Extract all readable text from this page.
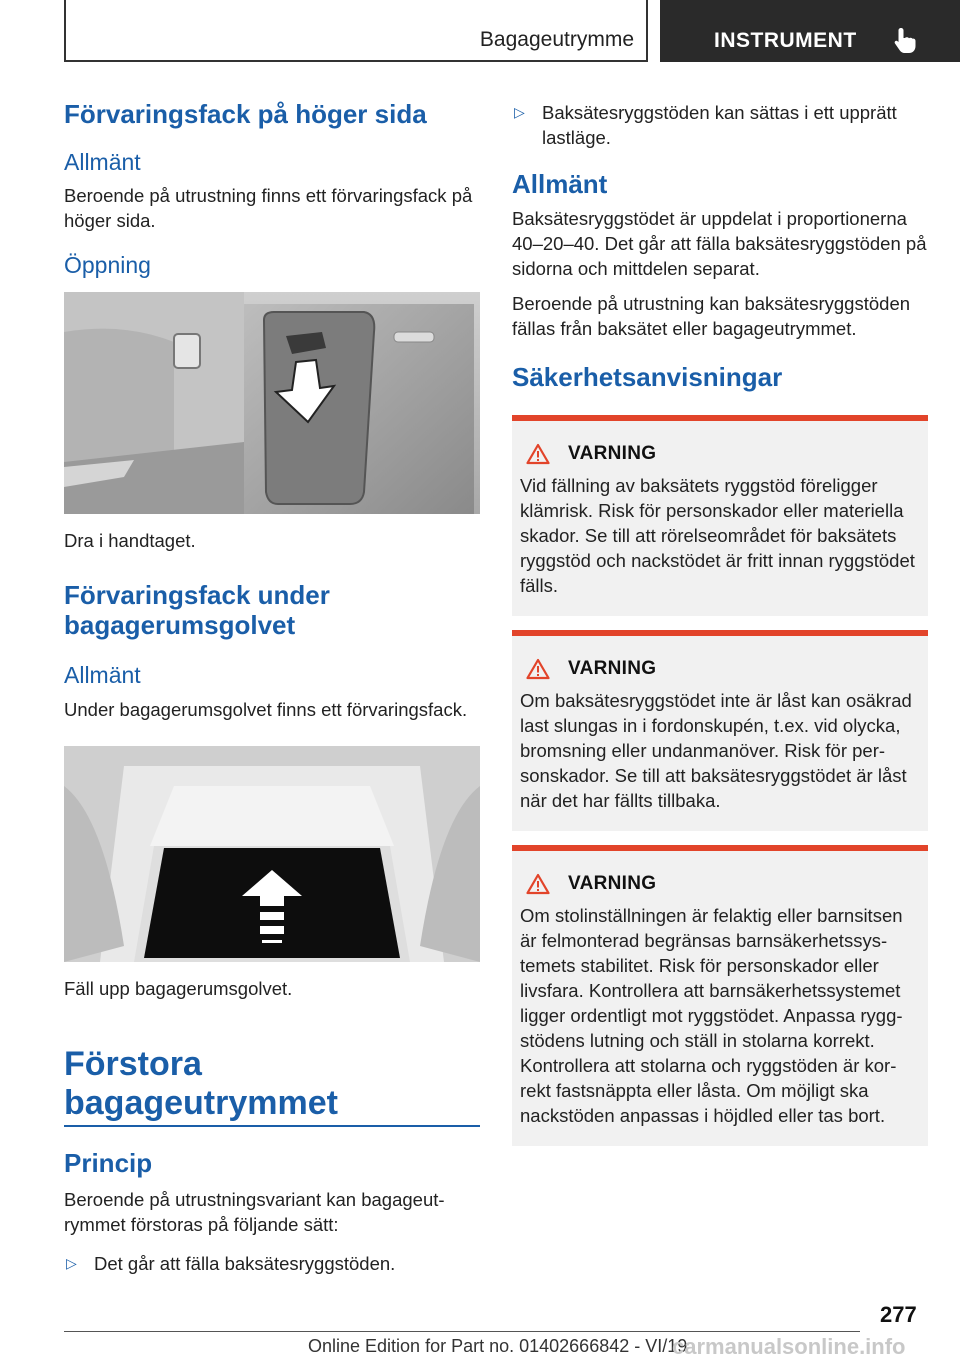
Bagageutrymme	INSTRUMENT
Förvaringsfack på höger sida
Allmänt

Beroende på utrustning finns ett förvaringsfack på höger sida.

Öppning

Dra i handtaget.

Förvaringsfack under bagagerumsgolvet
Allmänt

Under bagagerumsgolvet finns ett förvaringsfack.

Fäll upp bagagerumsgolvet.

Förstora bagageutrymmet
Princip

Beroende på utrustningsvariant kan bagageutrymmet förstoras på följande sätt:

▷ Det går att fälla baksätesryggstöden.
▷ Baksätesryggstöden kan sättas i ett upprätt lastläge.
Allmänt

Baksätesryggstödet är uppdelat i proportionerna 40–20–40. Det går att fälla baksätesryggstöden på sidorna och mittdelen separat.

Beroende på utrustning kan baksätesryggstöden fällas från baksätet eller bagageutrymmet.

Säkerhetsanvisningar
VARNING

Vid fällning av baksätets ryggstöd föreligger klämrisk. Risk för personskador eller materiella skador. Se till att rörelseområdet för baksätets ryggstöd och nackstödet är fritt innan ryggstödet fälls.

VARNING

Om baksätesryggstödet inte är låst kan osäkrad last slungas in i fordonskupén, t.ex. vid olycka, bromsning eller undanmanöver. Risk för personskador. Se till att baksätesryggstödet är låst när det har fällts tillbaka.

VARNING

Om stolinställningen är felaktig eller barnsitsen är felmonterad begränsas barnsäkerhetssystemets stabilitet. Risk för personskador eller livsfara. Kontrollera att barnsäkerhetssystemet ligger ordentligt mot ryggstödet. Anpassa ryggstödens lutning och ställ in stolarna korrekt. Kontrollera att stolarna och ryggstöden är korrekt fastsnäppta eller låsta. Om möjligt ska nackstöden anpassas i höjdled eller tas bort.

277
Online Edition for Part no. 01402666842 - VI/19
carmanualsonline.info
